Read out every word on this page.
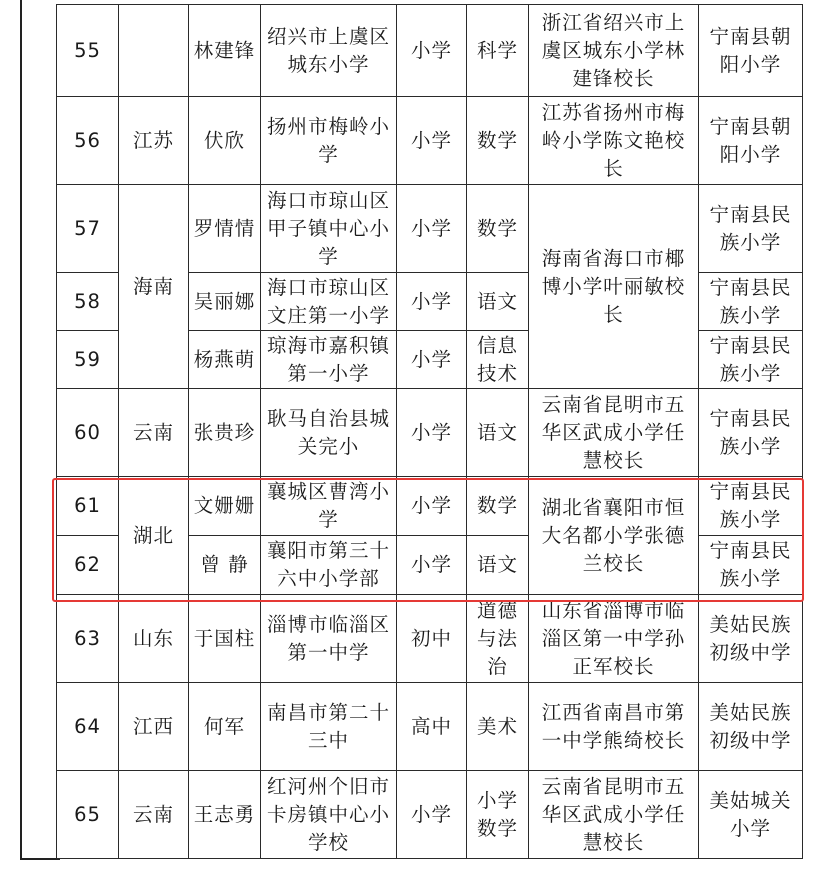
55		林建锋	绍兴市上虞区城东小学	小学	科学	浙江省绍兴市上虞区城东小学林建锋校长	宁南县朝阳小学
56	江苏	伏欣	扬州市梅岭小学	小学	数学	江苏省扬州市梅岭小学陈文艳校长	宁南县朝阳小学
57	海南	罗情情	海口市琼山区甲子镇中心小学	小学	数学	海南省海口市椰博小学叶丽敏校长	宁南县民族小学
58		吴丽娜	海口市琼山区文庄第一小学	小学	语文		宁南县民族小学
59		杨燕萌	琼海市嘉积镇第一小学	小学	信息技术		宁南县民族小学
60	云南	张贵珍	耿马自治县城关完小	小学	语文	云南省昆明市五华区武成小学任慧校长	宁南县民族小学
61	湖北	文姗姗	襄城区曹湾小学	小学	数学	湖北省襄阳市恒大名都小学张德兰校长	宁南县民族小学
62		曾 静	襄阳市第三十六中小学部	小学	语文		宁南县民族小学
63	山东	于国柱	淄博市临淄区第一中学	初中	道德与法治	山东省淄博市临淄区第一中学孙正军校长	美姑民族初级中学
64	江西	何军	南昌市第二十三中	高中	美术	江西省南昌市第一中学熊绮校长	美姑民族初级中学
65	云南	王志勇	红河州个旧市卡房镇中心小学校	小学	小学数学	云南省昆明市五华区武成小学任慧校长	美姑城关小学
